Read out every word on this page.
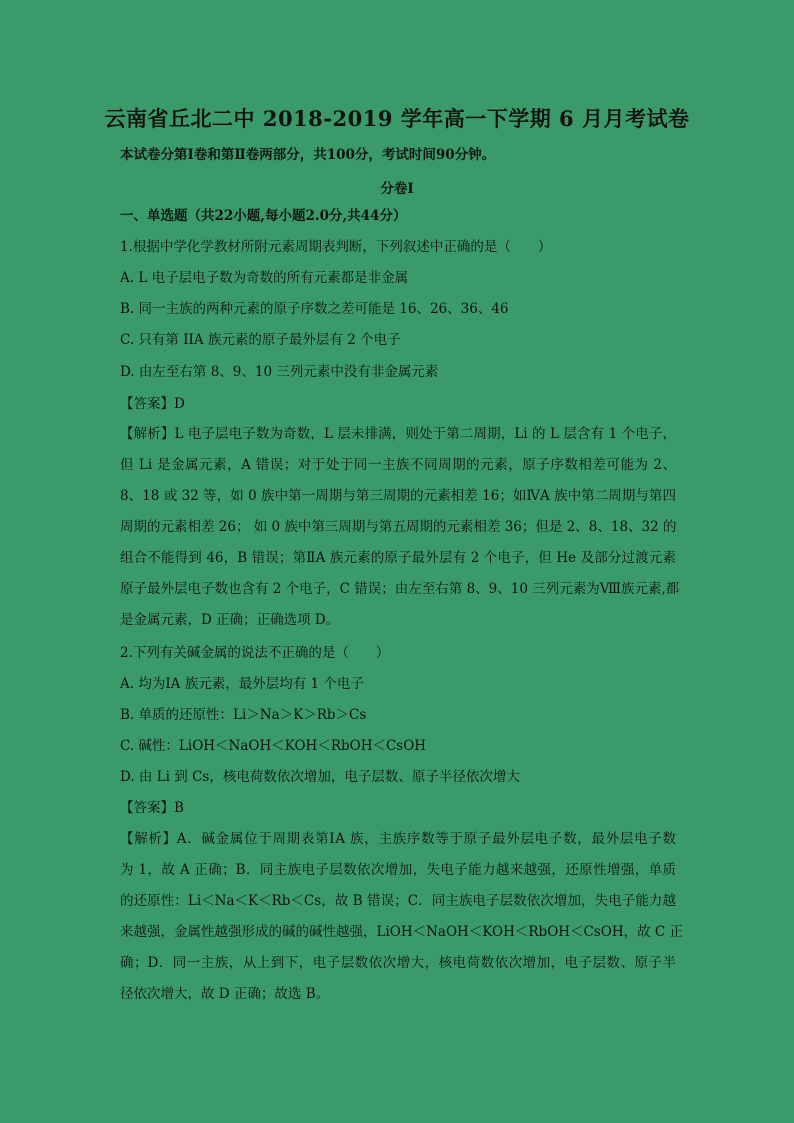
云南省丘北二中 2018-2019 学年高一下学期 6 月月考试卷
本试卷分第Ⅰ卷和第Ⅱ卷两部分，共100分，考试时间90分钟。
分卷I
一、单选题（共22小题,每小题2.0分,共44分）
1.根据中学化学教材所附元素周期表判断，下列叙述中正确的是（　　）
A. L 电子层电子数为奇数的所有元素都是非金属
B. 同一主族的两种元素的原子序数之差可能是 16、26、36、46
C. 只有第 IIA 族元素的原子最外层有 2 个电子
D. 由左至右第 8、9、10 三列元素中没有非金属元素
【答案】D
【解析】L 电子层电子数为奇数，L 层未排满，则处于第二周期，Li 的 L 层含有 1 个电子，
但 Li 是金属元素，A 错误；对于处于同一主族不同周期的元素，原子序数相差可能为 2、
8、18 或 32 等，如 0 族中第一周期与第三周期的元素相差 16；如ⅣA 族中第二周期与第四
周期的元素相差 26； 如 0 族中第三周期与第五周期的元素相差 36；但是 2、8、18、32 的
组合不能得到 46，B 错误；第ⅡA 族元素的原子最外层有 2 个电子，但 He 及部分过渡元素
原子最外层电子数也含有 2 个电子，C 错误；由左至右第 8、9、10 三列元素为Ⅷ族元素,都
是金属元素，D 正确；正确选项 D。
2.下列有关碱金属的说法不正确的是（　　）
A. 均为ⅠA 族元素，最外层均有 1 个电子
B. 单质的还原性：Li＞Na＞K＞Rb＞Cs
C. 碱性：LiOH＜NaOH＜KOH＜RbOH＜CsOH
D. 由 Li 到 Cs，核电荷数依次增加，电子层数、原子半径依次增大
【答案】B
【解析】A．碱金属位于周期表第ⅠA 族，主族序数等于原子最外层电子数，最外层电子数
为 1，故 A 正确；B．同主族电子层数依次增加，失电子能力越来越强，还原性增强，单质
的还原性：Li＜Na＜K＜Rb＜Cs，故 B 错误；C．同主族电子层数依次增加，失电子能力越
来越强，金属性越强形成的碱的碱性越强，LiOH＜NaOH＜KOH＜RbOH＜CsOH，故 C 正
确；D．同一主族，从上到下，电子层数依次增大，核电荷数依次增加，电子层数、原子半
径依次增大，故 D 正确；故选 B。
